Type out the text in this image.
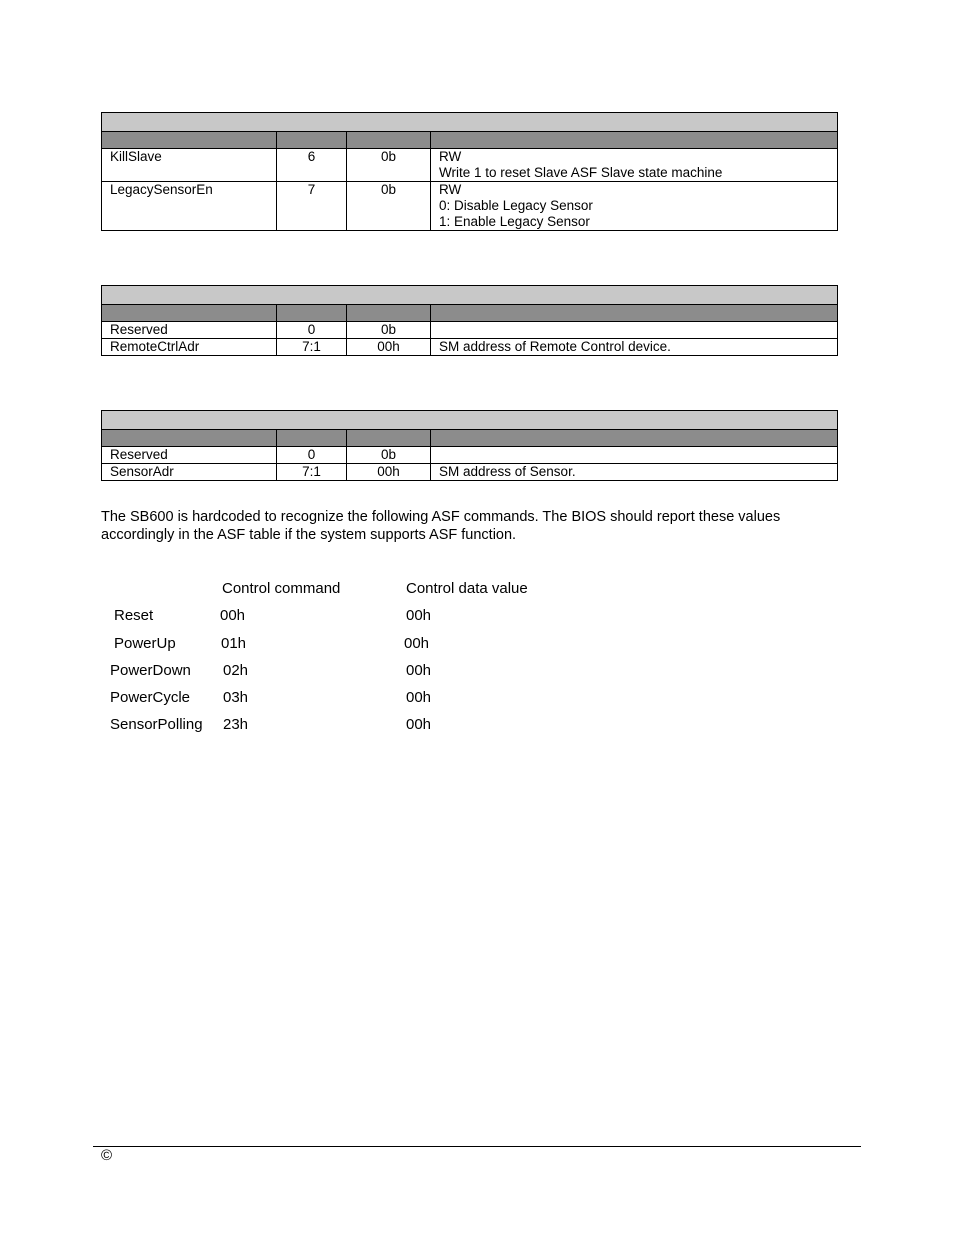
KillSlave	6	0b	RW
Write 1 to reset Slave ASF Slave state machine

LegacySensorEn	7	0b	RW
0: Disable Legacy Sensor
1: Enable Legacy Sensor

Reserved	0	0b	
RemoteCtrlAdr	7:1	00h	SM address of Remote Control device.

Reserved	0	0b	
SensorAdr	7:1	00h	SM address of Sensor.

The SB600 is hardcoded to recognize the following ASF commands. The BIOS should report these values accordingly in the ASF table if the system supports ASF function.

Control command	Control data value
Reset	00h	00h
PowerUp	01h	00h
PowerDown 02h	00h
PowerCycle 03h	00h
SensorPolling 23h	00h
©
